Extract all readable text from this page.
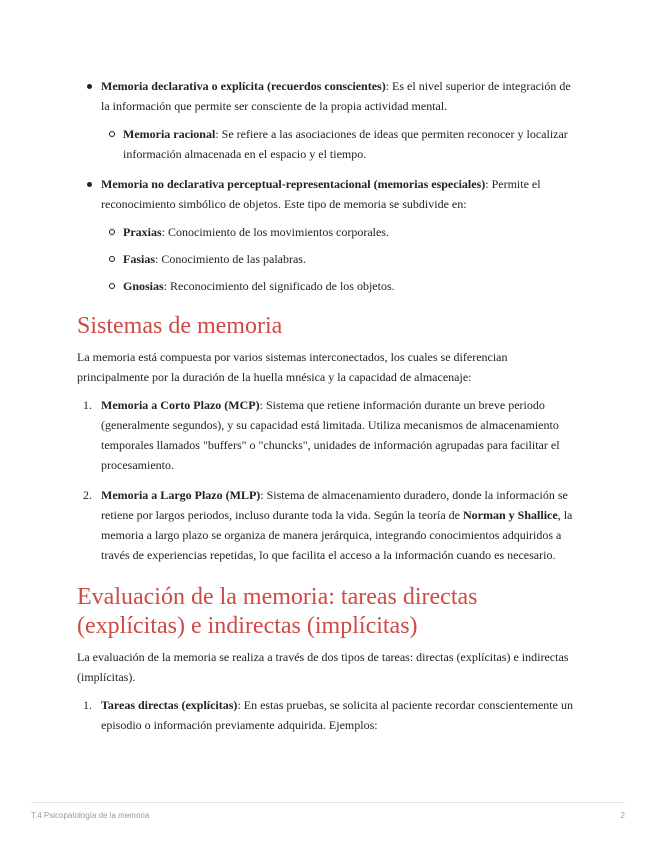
Memoria declarativa o explícita (recuerdos conscientes): Es el nivel superior de integración de la información que permite ser consciente de la propia actividad mental.
Memoria racional: Se refiere a las asociaciones de ideas que permiten reconocer y localizar información almacenada en el espacio y el tiempo.
Memoria no declarativa perceptual-representacional (memorias especiales): Permite el reconocimiento simbólico de objetos. Este tipo de memoria se subdivide en:
Praxias: Conocimiento de los movimientos corporales.
Fasias: Conocimiento de las palabras.
Gnosias: Reconocimiento del significado de los objetos.
Sistemas de memoria

La memoria está compuesta por varios sistemas interconectados, los cuales se diferencian principalmente por la duración de la huella mnésica y la capacidad de almacenaje:

1. Memoria a Corto Plazo (MCP): Sistema que retiene información durante un breve periodo (generalmente segundos), y su capacidad está limitada. Utiliza mecanismos de almacenamiento temporales llamados "buffers" o "chuncks", unidades de información agrupadas para facilitar el procesamiento.
2. Memoria a Largo Plazo (MLP): Sistema de almacenamiento duradero, donde la información se retiene por largos periodos, incluso durante toda la vida. Según la teoría de Norman y Shallice, la memoria a largo plazo se organiza de manera jerárquica, integrando conocimientos adquiridos a través de experiencias repetidas, lo que facilita el acceso a la información cuando es necesario.
Evaluación de la memoria: tareas directas (explícitas) e indirectas (implícitas)

La evaluación de la memoria se realiza a través de dos tipos de tareas: directas (explícitas) e indirectas (implícitas).

1. Tareas directas (explícitas): En estas pruebas, se solicita al paciente recordar conscientemente un episodio o información previamente adquirida. Ejemplos:
T.4 Psicopatología de la memoria	2
